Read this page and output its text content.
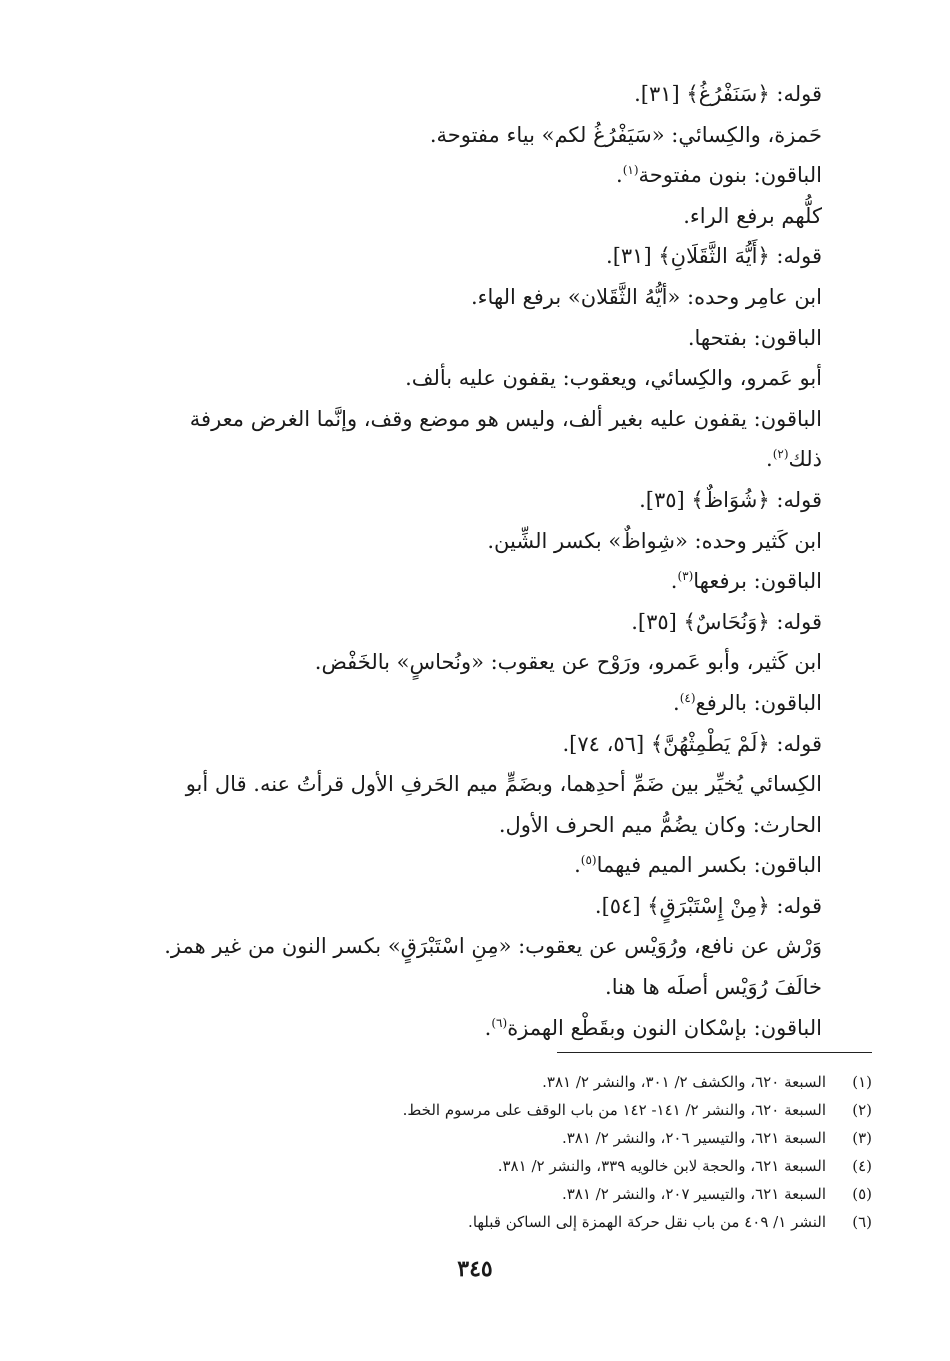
قوله: ﴿سَنَفْرُغُ﴾ [٣١].
حَمزة، والكِسائي: «سَيَفْرُغُ لكم» بياء مفتوحة.
الباقون: بنون مفتوحة$^{(١)}$.
كلُّهم برفع الراء.
قوله: ﴿أَيُّهَ الثَّقَلَانِ﴾ [٣١].
ابن عامِر وحده: «أيُّهُ الثَّقَلان» برفع الهاء.
الباقون: بفتحها.
أبو عَمرو، والكِسائي، ويعقوب: يقفون عليه بألف.
الباقون: يقفون عليه بغير ألف، وليس هو موضع وقف، وإنَّما الغرض معرفة ذلك$^{(٢)}$.
قوله: ﴿شُوَاظٌ﴾ [٣٥].
ابن كَثير وحده: «شِواظٌ» بكسر الشِّين.
الباقون: برفعها$^{(٣)}$.
قوله: ﴿وَنُحَاسٌ﴾ [٣٥].
ابن كَثير، وأبو عَمرو، ورَوْح عن يعقوب: «ونُحاسٍ» بالخَفْض.
الباقون: بالرفع$^{(٤)}$.
قوله: ﴿لَمْ يَطْمِثْهُنَّ﴾ [٥٦، ٧٤].
الكِسائي يُخيِّر بين ضَمِّ أحدِهما، وبضَمٍّ ميم الحَرفِ الأول قرأتُ عنه. قال أبو الحارث: وكان يضُمُّ ميم الحرف الأول.
الباقون: بكسر الميم فيهما$^{(٥)}$.
قوله: ﴿مِنْ إِسْتَبْرَقٍ﴾ [٥٤].
وَرْش عن نافع، ورُوَيْس عن يعقوب: «مِنِ اسْتَبْرَقٍ» بكسر النون من غير همز.
خالَفَ رُوَيْس أصلَه ها هنا.
الباقون: بإسْكان النون وبقَطْع الهمزة$^{(٦)}$.
(١)السبعة ٦٢٠، والكشف ٢/ ٣٠١، والنشر ٢/ ٣٨١.
(٢)السبعة ٦٢٠، والنشر ٢/ ١٤١- ١٤٢ من باب الوقف على مرسوم الخط.
(٣)السبعة ٦٢١، والتيسير ٢٠٦، والنشر ٢/ ٣٨١.
(٤)السبعة ٦٢١، والحجة لابن خالويه ٣٣٩، والنشر ٢/ ٣٨١.
(٥)السبعة ٦٢١، والتيسير ٢٠٧، والنشر ٢/ ٣٨١.
(٦)النشر ١/ ٤٠٩ من باب نقل حركة الهمزة إلى الساكن قبلها.
٣٤٥
